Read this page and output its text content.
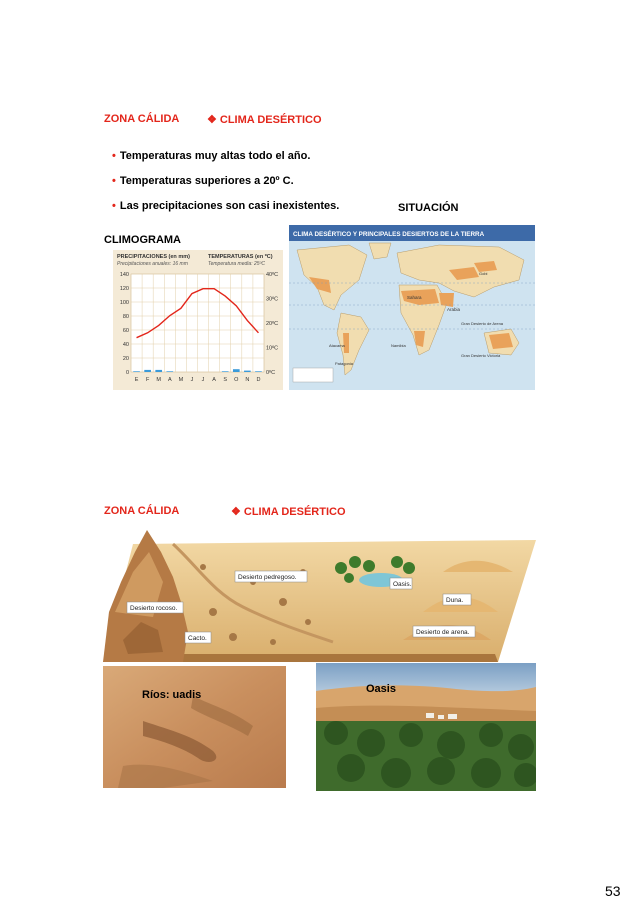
ZONA CÁLIDA	❖ CLIMA DESÉRTICO
• Temperaturas muy altas todo el año.
• Temperaturas superiores a 20º C.
• Las precipitaciones son casi inexistentes.	SITUACIÓN
CLIMOGRAMA
PRECIPITACIONES (en mm)
Precipitaciones anuales: 16 mm
TEMPERATURAS (en ºC)
Temperatura media: 25ºC
140
120
100
80
60
40
20
0
40ºC
30ºC
20ºC
10ºC
0ºC
E F M A M J J A S O N D
CLIMA DESÉRTICO Y PRINCIPALES DESIERTOS DE LA TIERRA
Sahara
Arabia
Gran Desierto de Arena
Gran Desierto Victoria
Atacama	Namibia
Patagonia
Gobi
ZONA CÁLIDA	❖ CLIMA DESÉRTICO
Desierto pedregoso.
Oasis.
Desierto rocoso.
Duna.
Cacto.
Desierto de arena.
Ríos: uadis	Oasis
53
